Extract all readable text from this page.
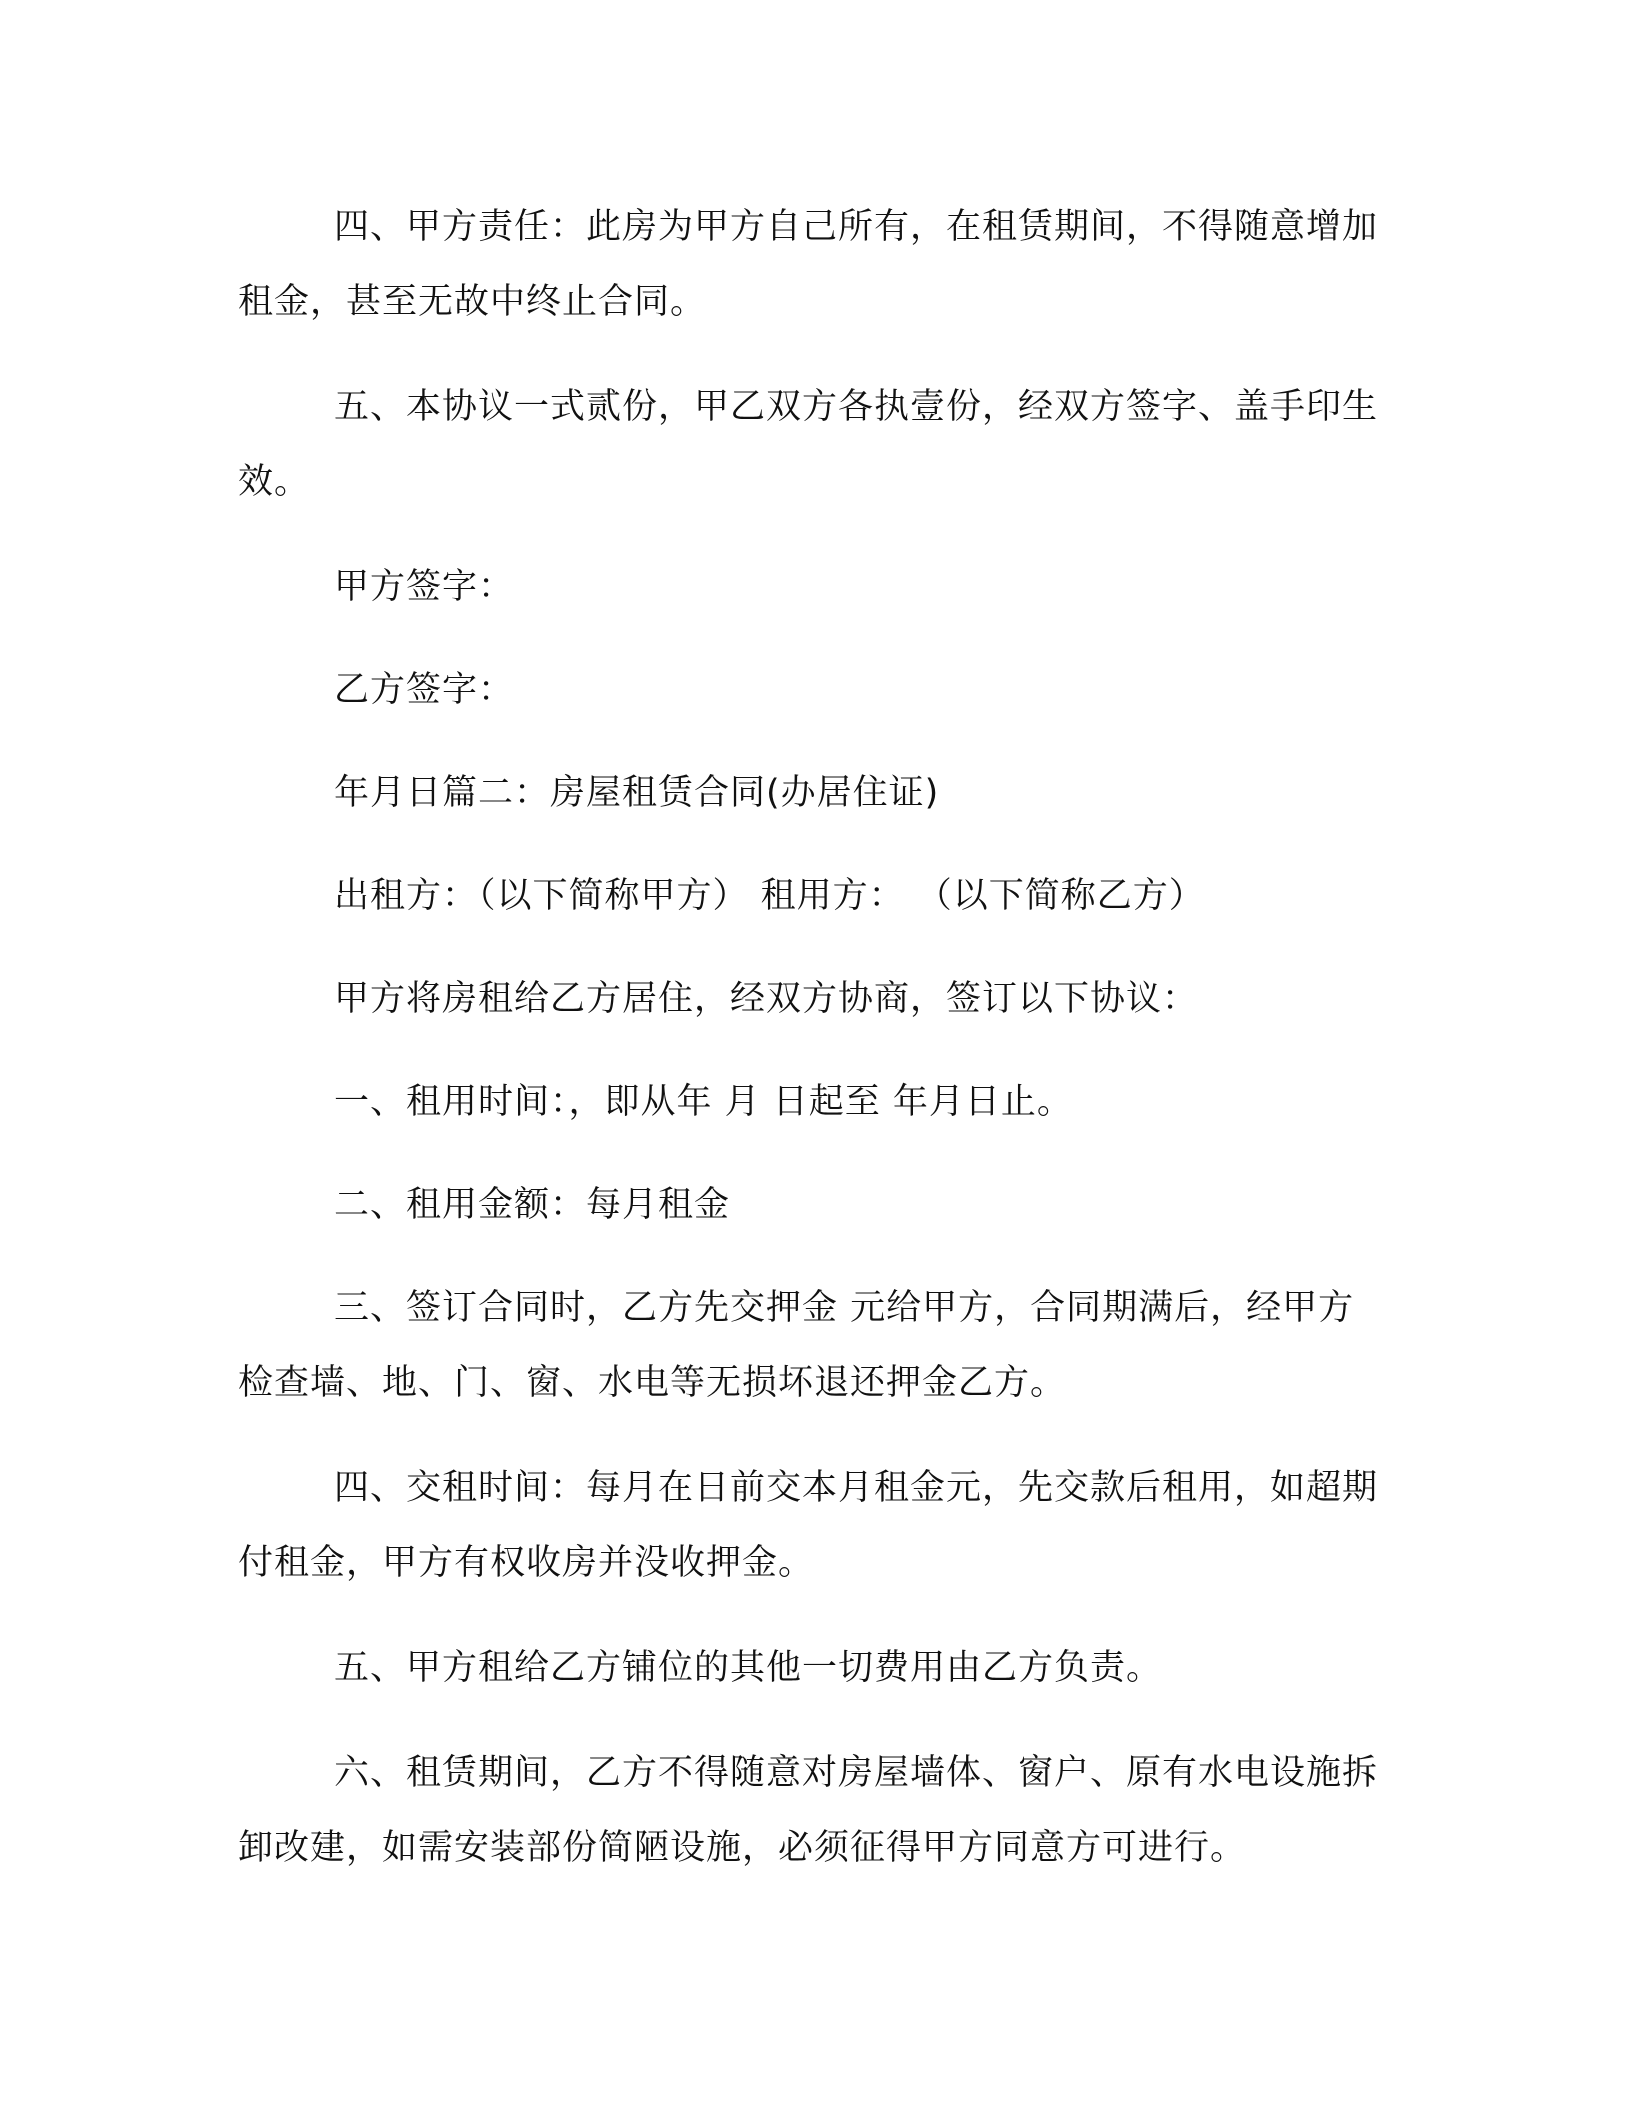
四、甲方责任：此房为甲方自己所有，在租赁期间，不得随意增加租金，甚至无故中终止合同。

五、本协议一式贰份，甲乙双方各执壹份，经双方签字、盖手印生效。

甲方签字：

乙方签字：

年月日篇二：房屋租赁合同(办居住证)

出租方：（以下简称甲方） 租用方： （以下简称乙方）

甲方将房租给乙方居住，经双方协商，签订以下协议：

一、租用时间：，即从年 月 日起至 年月日止。

二、租用金额：每月租金

三、签订合同时，乙方先交押金 元给甲方，合同期满后，经甲方检查墙、地、门、窗、水电等无损坏退还押金乙方。

四、交租时间：每月在日前交本月租金元，先交款后租用，如超期付租金，甲方有权收房并没收押金。

五、甲方租给乙方铺位的其他一切费用由乙方负责。

六、租赁期间，乙方不得随意对房屋墙体、窗户、原有水电设施拆卸改建，如需安装部份简陋设施，必须征得甲方同意方可进行。
